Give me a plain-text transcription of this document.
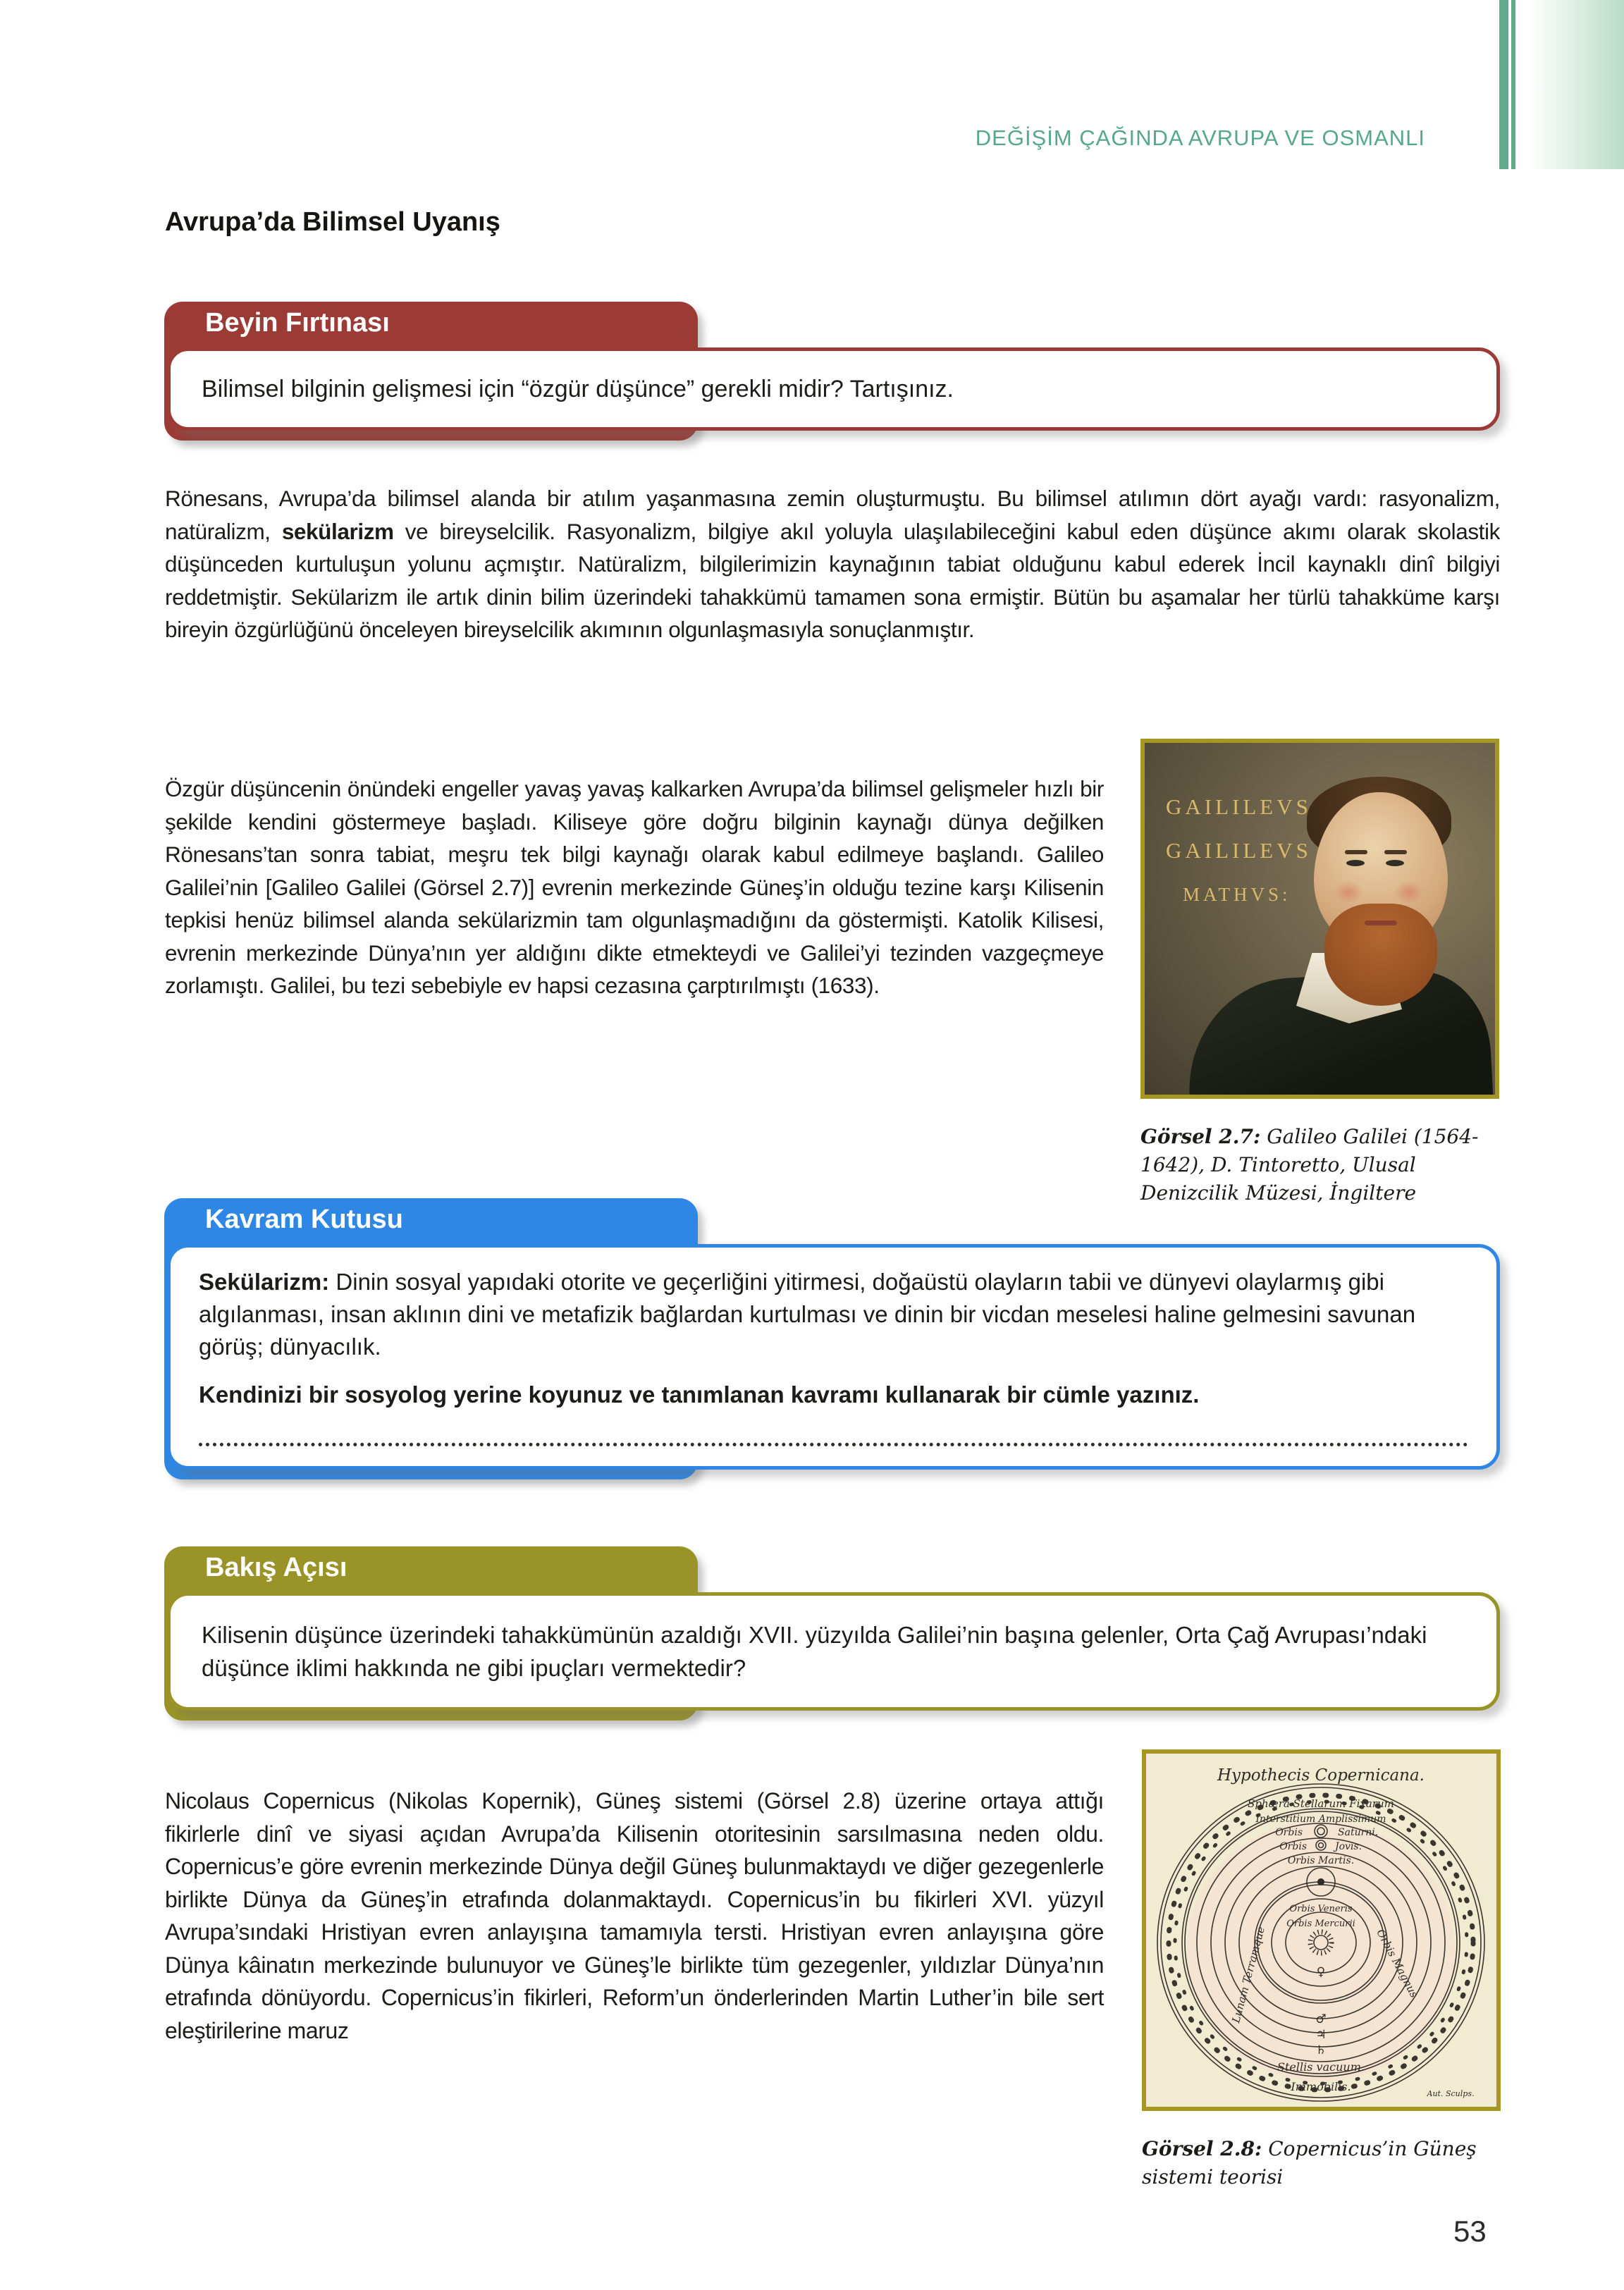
DEĞİŞİM ÇAĞINDA AVRUPA VE OSMANLI
Avrupa’da Bilimsel Uyanış
Beyin Fırtınası
Bilimsel bilginin gelişmesi için “özgür düşünce” gerekli midir? Tartışınız.

Rönesans, Avrupa’da bilimsel alanda bir atılım yaşanmasına zemin oluşturmuştu. Bu bilimsel atılımın dört ayağı vardı: rasyonalizm, natüralizm, sekülarizm ve bireyselcilik. Rasyonalizm, bilgiye akıl yoluyla ulaşılabileceğini kabul eden düşünce akımı olarak skolastik düşünceden kurtuluşun yolunu açmıştır. Natüralizm, bilgilerimizin kaynağının tabiat olduğunu kabul ederek İncil kaynaklı dinî bilgiyi reddetmiştir. Sekülarizm ile artık dinin bilim üzerindeki tahakkümü tamamen sona ermiştir. Bütün bu aşamalar her türlü tahakküme karşı bireyin özgürlüğünü önceleyen bireyselcilik akımının olgunlaşmasıyla sonuçlanmıştır.

Özgür düşüncenin önündeki engeller yavaş yavaş kalkarken Avrupa’da bilimsel gelişmeler hızlı bir şekilde kendini göstermeye başladı. Kiliseye göre doğru bilginin kaynağı dünya değilken Rönesans’tan sonra tabiat, meşru tek bilgi kaynağı olarak kabul edilmeye başlandı. Galileo Galilei’nin [Galileo Galilei (Görsel 2.7)] evrenin merkezinde Güneş’in olduğu tezine karşı Kilisenin tepkisi henüz bilimsel alanda sekülarizmin tam olgunlaşmadığını da göstermişti. Katolik Kilisesi, evrenin merkezinde Dünya’nın yer aldığını dikte etmekteydi ve Galilei’yi tezinden vazgeçmeye zorlamıştı. Galilei, bu tezi sebebiyle ev hapsi cezasına çarptırılmıştı (1633).

GAILILEVS
GAILILEVS
MATHVS:
Görsel 2.7: Galileo Galilei (1564-1642), D. Tintoretto, Ulusal Denizcilik Müzesi, İngiltere
Kavram Kutusu

Sekülarizm: Dinin sosyal yapıdaki otorite ve geçerliğini yitirmesi, doğaüstü olayların tabii ve dünyevi olaylarmış gibi algılanması, insan aklının dini ve metafizik bağlardan kurtulması ve dinin bir vicdan meselesi haline gelmesini savunan görüş; dünyacılık.

Kendinizi bir sosyolog yerine koyunuz ve tanımlanan kavramı kullanarak bir cümle yazınız.

Bakış Açısı
Kilisenin düşünce üzerindeki tahakkümünün azaldığı XVII. yüzyılda Galilei’nin başına gelenler, Orta Çağ Avrupası’ndaki düşünce iklimi hakkında ne gibi ipuçları vermektedir?

Nicolaus Copernicus (Nikolas Kopernik), Güneş sistemi (Görsel 2.8) üzerine ortaya attığı fikirlerle dinî ve siyasi açıdan Avrupa’da Kilisenin otoritesinin sarsılmasına neden oldu. Copernicus’e göre evrenin merkezinde Dünya değil Güneş bulunmaktaydı ve diğer gezegenlerle birlikte Dünya da Güneş’in etrafında dolanmaktaydı. Copernicus’in bu fikirleri XVI. yüzyıl Avrupa’sındaki Hristiyan evren anlayışına tamamıyla tersti. Hristiyan evren anlayışına göre Dünya kâinatın merkezinde bulunuyor ve Güneş’le birlikte tüm gezegenler, yıldızlar Dünya’nın etrafında dönüyordu. Copernicus’in fikirleri, Reform’un önderlerinden Martin Luther’in bile sert eleştirilerine maruz

Sphæra Stellarum Fixarum
Interstitium Amplissimum
Orbis	Saturni.
Orbis	Jovis.
Orbis Martis.
Orbis Veneris
Orbis Mercurii
Orbis Magnus
Lunam Terramque	♀
♂
♃
♄
Stellis vacuum.
Immobilis.
Aut. Sculps.
Hypothecis Copernicana.
Görsel 2.8: Copernicus’in Güneş sistemi teorisi
53
